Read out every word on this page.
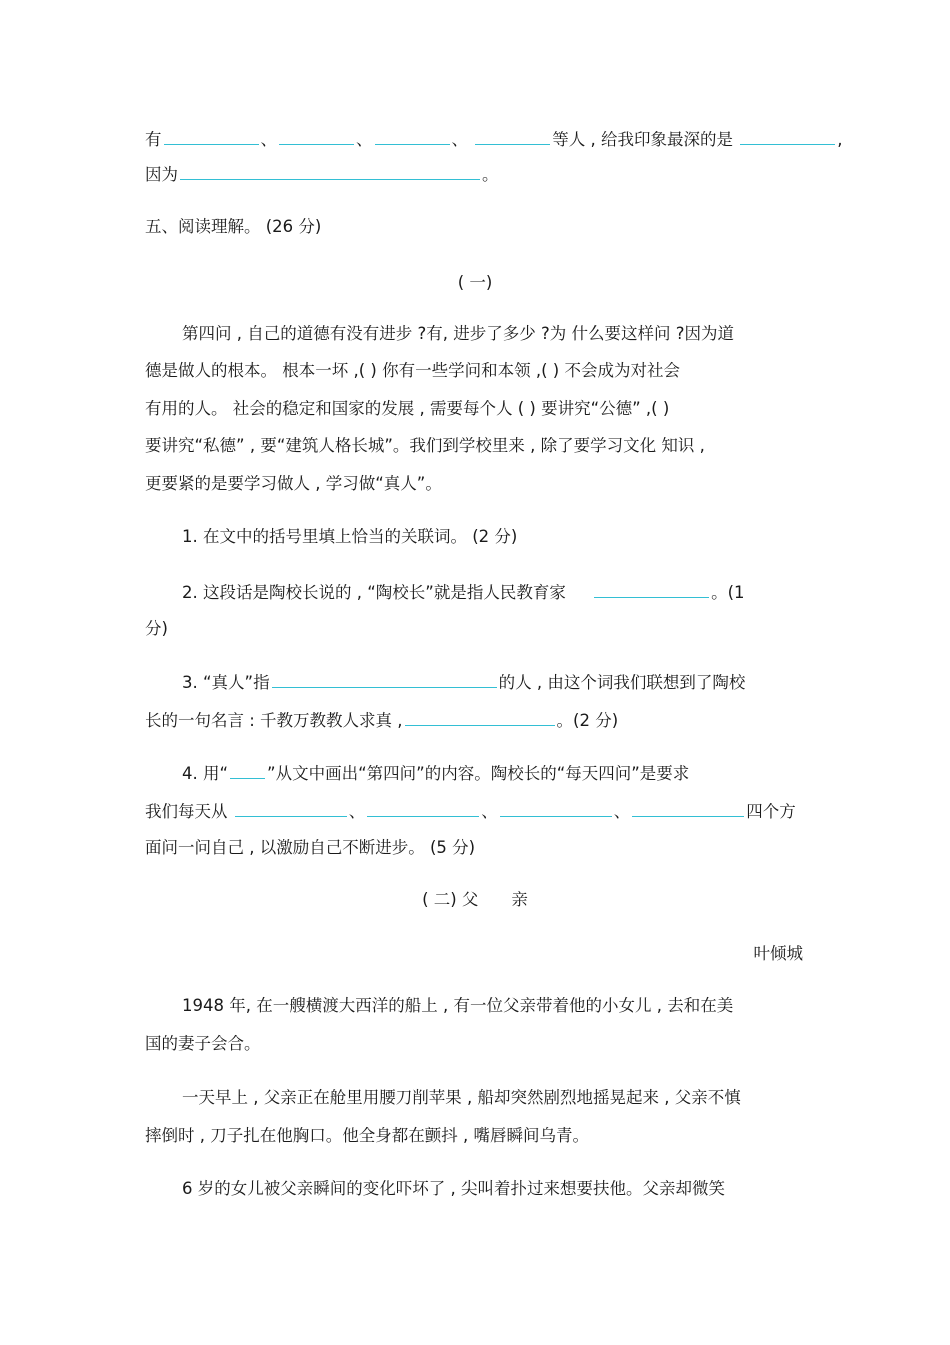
有	、	、	、	等人 , 给我印象最深的是	,
因为	。
五、阅读理解。 (26 分)
( 一)
第四问 , 自己的道德有没有进步 ?有, 进步了多少 ?为 什么要这样问 ?因为道
德是做人的根本。 根本一坏 ,( ) 你有一些学问和本领 ,( ) 不会成为对社会
有用的人。 社会的稳定和国家的发展 , 需要每个人 ( ) 要讲究“公德” ,( )
要讲究“私德” , 要“建筑人格长城”。我们到学校里来 , 除了要学习文化 知识 ,
更要紧的是要学习做人 , 学习做“真人”。
1. 在文中的括号里填上恰当的关联词。 (2 分)
2. 这段话是陶校长说的 , “陶校长”就是指人民教育家	。(1
分)
3. “真人”指	的人 , 由这个词我们联想到了陶校
长的一句名言 : 千教万教教人求真 ,	。(2 分)
4. 用“ ”从文中画出“第四问”的内容。陶校长的“每天四问”是要求
我们每天从	、	、	、	四个方
面问一问自己 , 以激励自己不断进步。 (5 分)
( 二) 父　　亲
叶倾城
1948 年, 在一艘横渡大西洋的船上 , 有一位父亲带着他的小女儿 , 去和在美
国的妻子会合。
一天早上 , 父亲正在舱里用腰刀削苹果 , 船却突然剧烈地摇晃起来 , 父亲不慎
摔倒时 , 刀子扎在他胸口。他全身都在颤抖 , 嘴唇瞬间乌青。
6 岁的女儿被父亲瞬间的变化吓坏了 , 尖叫着扑过来想要扶他。父亲却微笑
